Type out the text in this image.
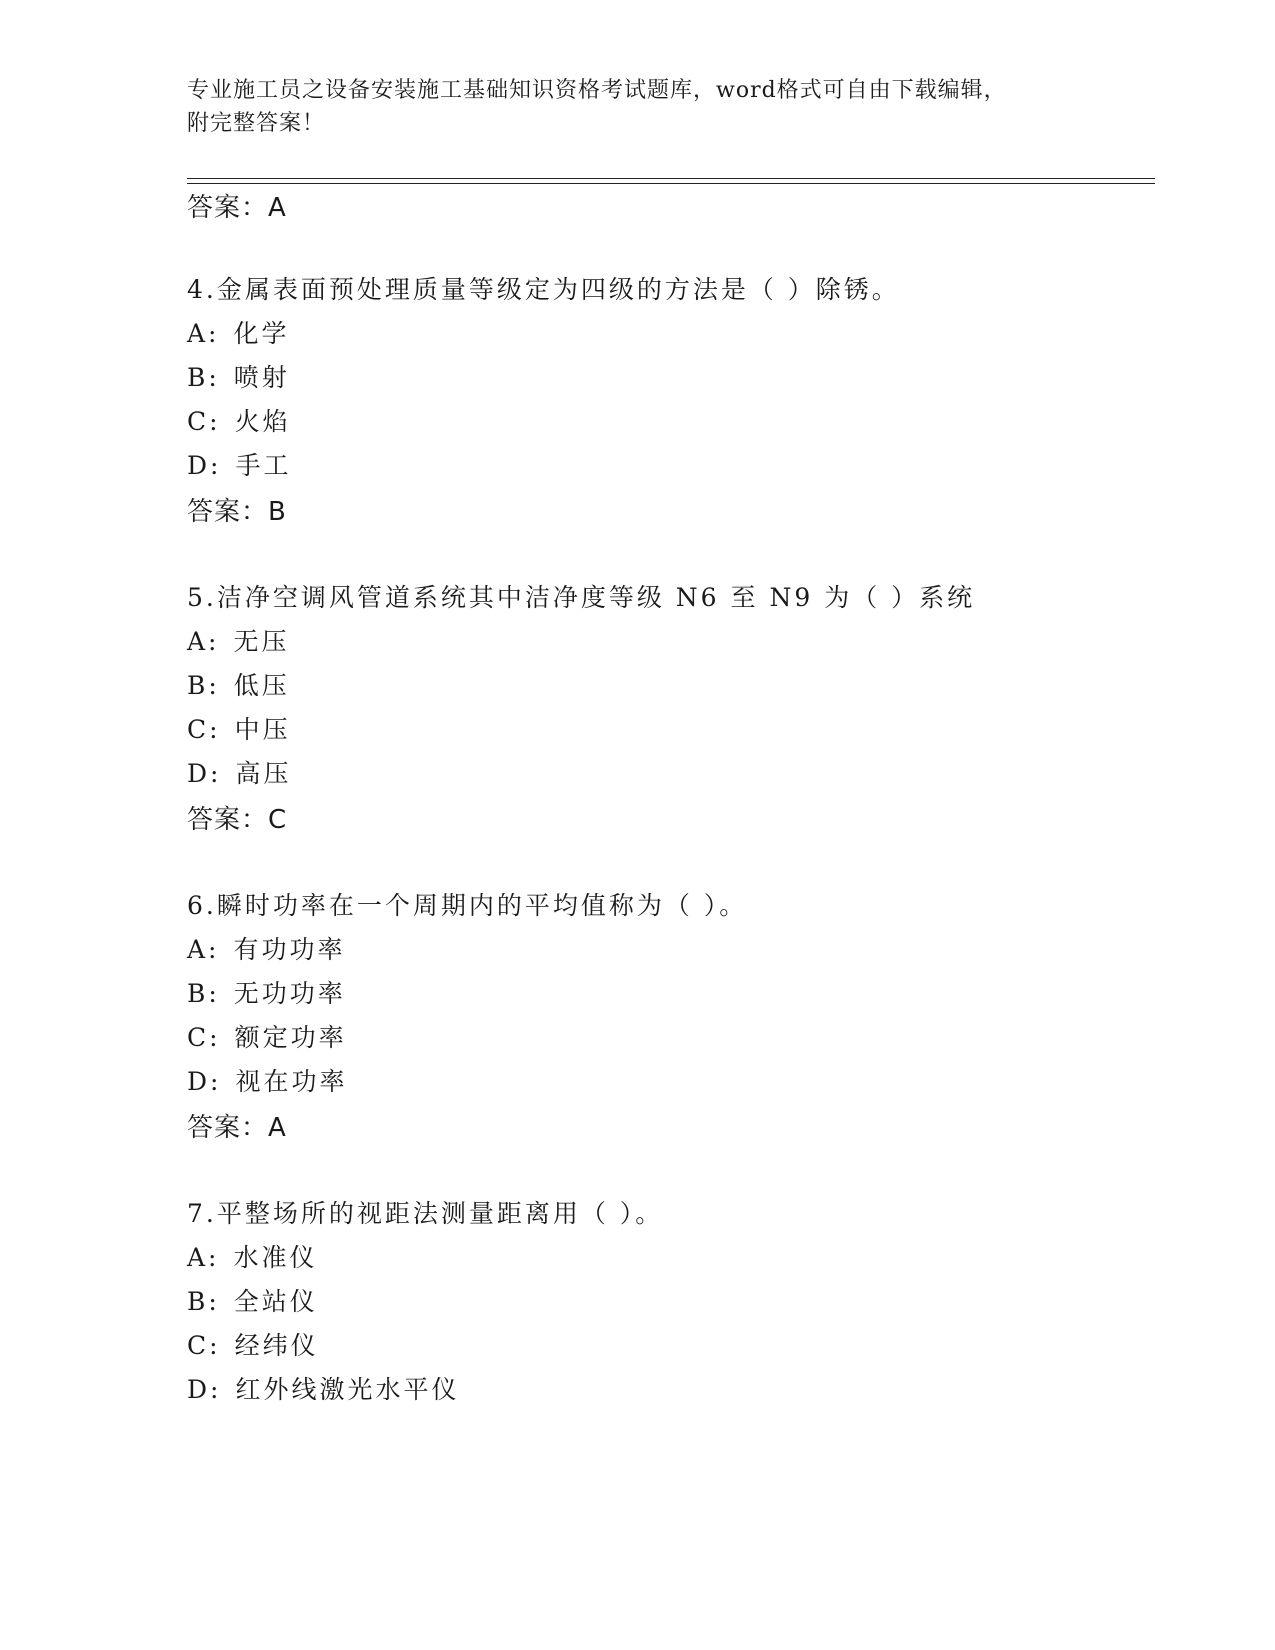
专业施工员之设备安装施工基础知识资格考试题库，word格式可自由下载编辑，
附完整答案！
答案：A
4.金属表面预处理质量等级定为四级的方法是（ ）除锈。
A: 化学
B: 喷射
C: 火焰
D: 手工
答案：B
5.洁净空调风管道系统其中洁净度等级 N6 至 N9 为（ ）系统
A: 无压
B: 低压
C: 中压
D: 高压
答案：C
6.瞬时功率在一个周期内的平均值称为（ ）。
A: 有功功率
B: 无功功率
C: 额定功率
D: 视在功率
答案：A
7.平整场所的视距法测量距离用（ ）。
A: 水准仪
B: 全站仪
C: 经纬仪
D: 红外线激光水平仪
